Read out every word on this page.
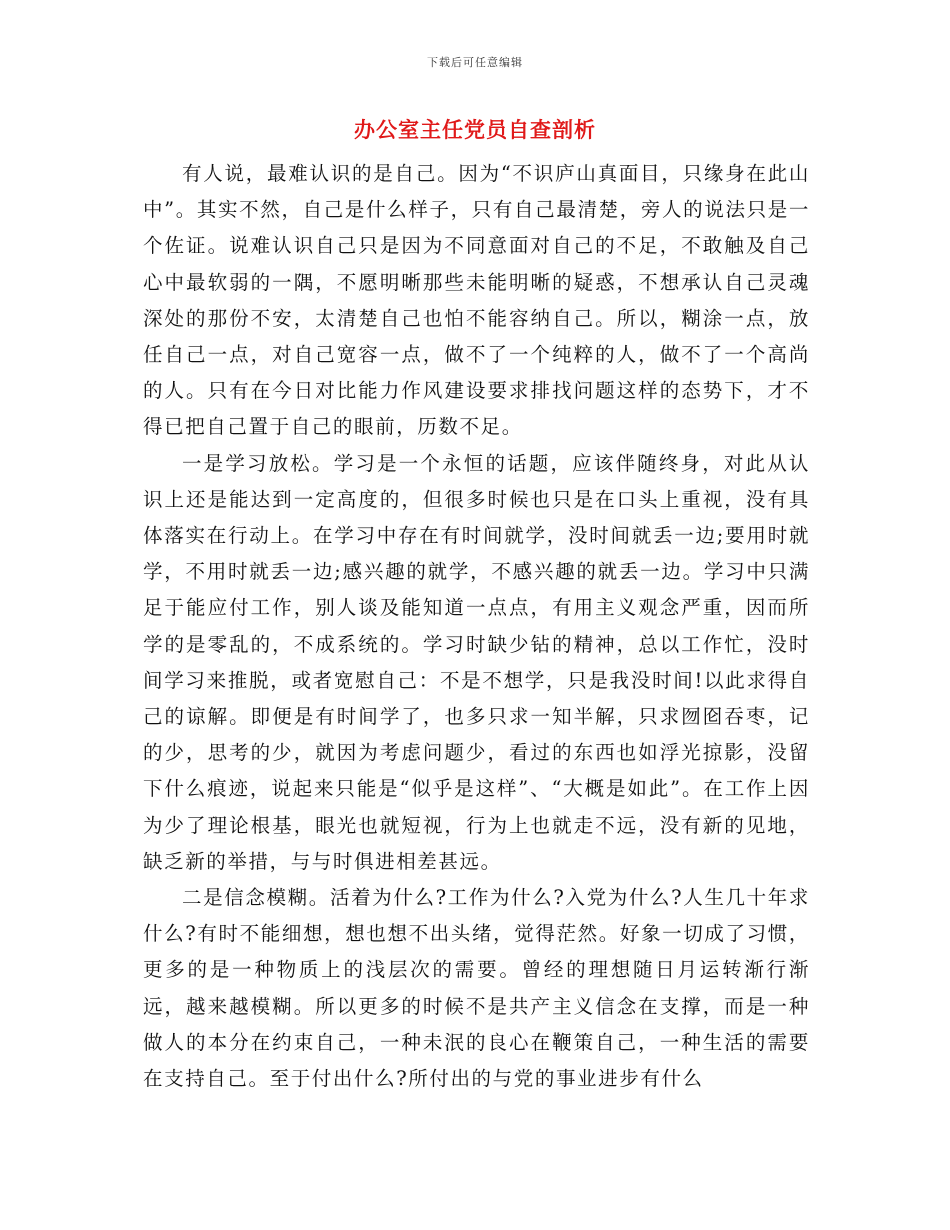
下载后可任意编辑
办公室主任党员自查剖析

有人说，最难认识的是自己。因为“不识庐山真面目，只缘身在此山中”。其实不然，自己是什么样子，只有自己最清楚，旁人的说法只是一个佐证。说难认识自己只是因为不同意面对自己的不足，不敢触及自己心中最软弱的一隅，不愿明晰那些未能明晰的疑惑，不想承认自己灵魂深处的那份不安，太清楚自己也怕不能容纳自己。所以，糊涂一点，放任自己一点，对自己宽容一点，做不了一个纯粹的人，做不了一个高尚的人。只有在今日对比能力作风建设要求排找问题这样的态势下，才不得已把自己置于自己的眼前，历数不足。

一是学习放松。学习是一个永恒的话题，应该伴随终身，对此从认识上还是能达到一定高度的，但很多时候也只是在口头上重视，没有具体落实在行动上。在学习中存在有时间就学，没时间就丢一边;要用时就学，不用时就丢一边;感兴趣的就学，不感兴趣的就丢一边。学习中只满足于能应付工作，别人谈及能知道一点点，有用主义观念严重，因而所学的是零乱的，不成系统的。学习时缺少钻的精神，总以工作忙，没时间学习来推脱，或者宽慰自己：不是不想学，只是我没时间!以此求得自己的谅解。即便是有时间学了，也多只求一知半解，只求囫囵吞枣，记的少，思考的少，就因为考虑问题少，看过的东西也如浮光掠影，没留下什么痕迹，说起来只能是“似乎是这样”、“大概是如此”。在工作上因为少了理论根基，眼光也就短视，行为上也就走不远，没有新的见地，缺乏新的举措，与与时俱进相差甚远。

二是信念模糊。活着为什么?工作为什么?入党为什么?人生几十年求什么?有时不能细想，想也想不出头绪，觉得茫然。好象一切成了习惯，更多的是一种物质上的浅层次的需要。曾经的理想随日月运转渐行渐远，越来越模糊。所以更多的时候不是共产主义信念在支撑，而是一种做人的本分在约束自己，一种未泯的良心在鞭策自己，一种生活的需要在支持自己。至于付出什么?所付出的与党的事业进步有什么
